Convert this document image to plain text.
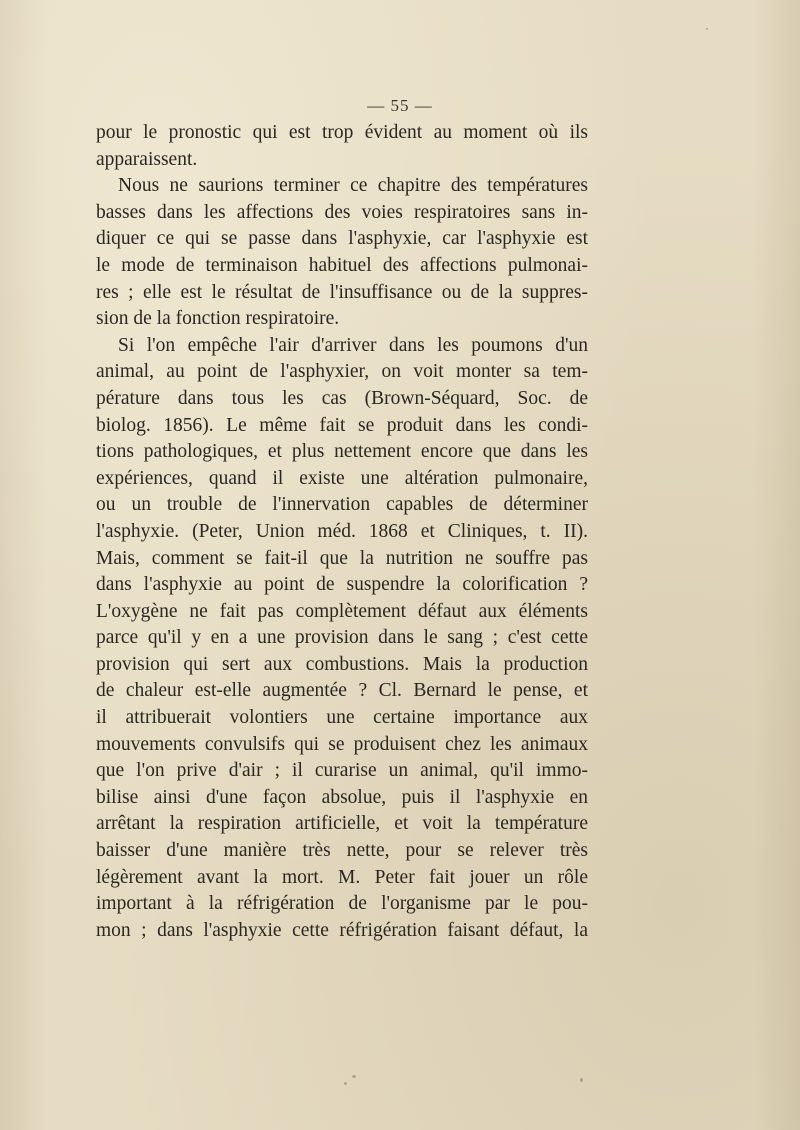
— 55 —
pour le pronostic qui est trop évident au moment où ils
apparaissent.
Nous ne saurions terminer ce chapitre des températures
basses dans les affections des voies respiratoires sans in-
diquer ce qui se passe dans l'asphyxie, car l'asphyxie est
le mode de terminaison habituel des affections pulmonai-
res ; elle est le résultat de l'insuffisance ou de la suppres-
sion de la fonction respiratoire.
Si l'on empêche l'air d'arriver dans les poumons d'un
animal, au point de l'asphyxier, on voit monter sa tem-
pérature dans tous les cas (Brown-Séquard, Soc. de
biolog. 1856). Le même fait se produit dans les condi-
tions pathologiques, et plus nettement encore que dans les
expériences, quand il existe une altération pulmonaire,
ou un trouble de l'innervation capables de déterminer
l'asphyxie. (Peter, Union méd. 1868 et Cliniques, t. II).
Mais, comment se fait-il que la nutrition ne souffre pas
dans l'asphyxie au point de suspendre la colorification ?
L'oxygène ne fait pas complètement défaut aux éléments
parce qu'il y en a une provision dans le sang ; c'est cette
provision qui sert aux combustions. Mais la production
de chaleur est-elle augmentée ? Cl. Bernard le pense, et
il attribuerait volontiers une certaine importance aux
mouvements convulsifs qui se produisent chez les animaux
que l'on prive d'air ; il curarise un animal, qu'il immo-
bilise ainsi d'une façon absolue, puis il l'asphyxie en
arrêtant la respiration artificielle, et voit la température
baisser d'une manière très nette, pour se relever très
légèrement avant la mort. M. Peter fait jouer un rôle
important à la réfrigération de l'organisme par le pou-
mon ; dans l'asphyxie cette réfrigération faisant défaut, la
